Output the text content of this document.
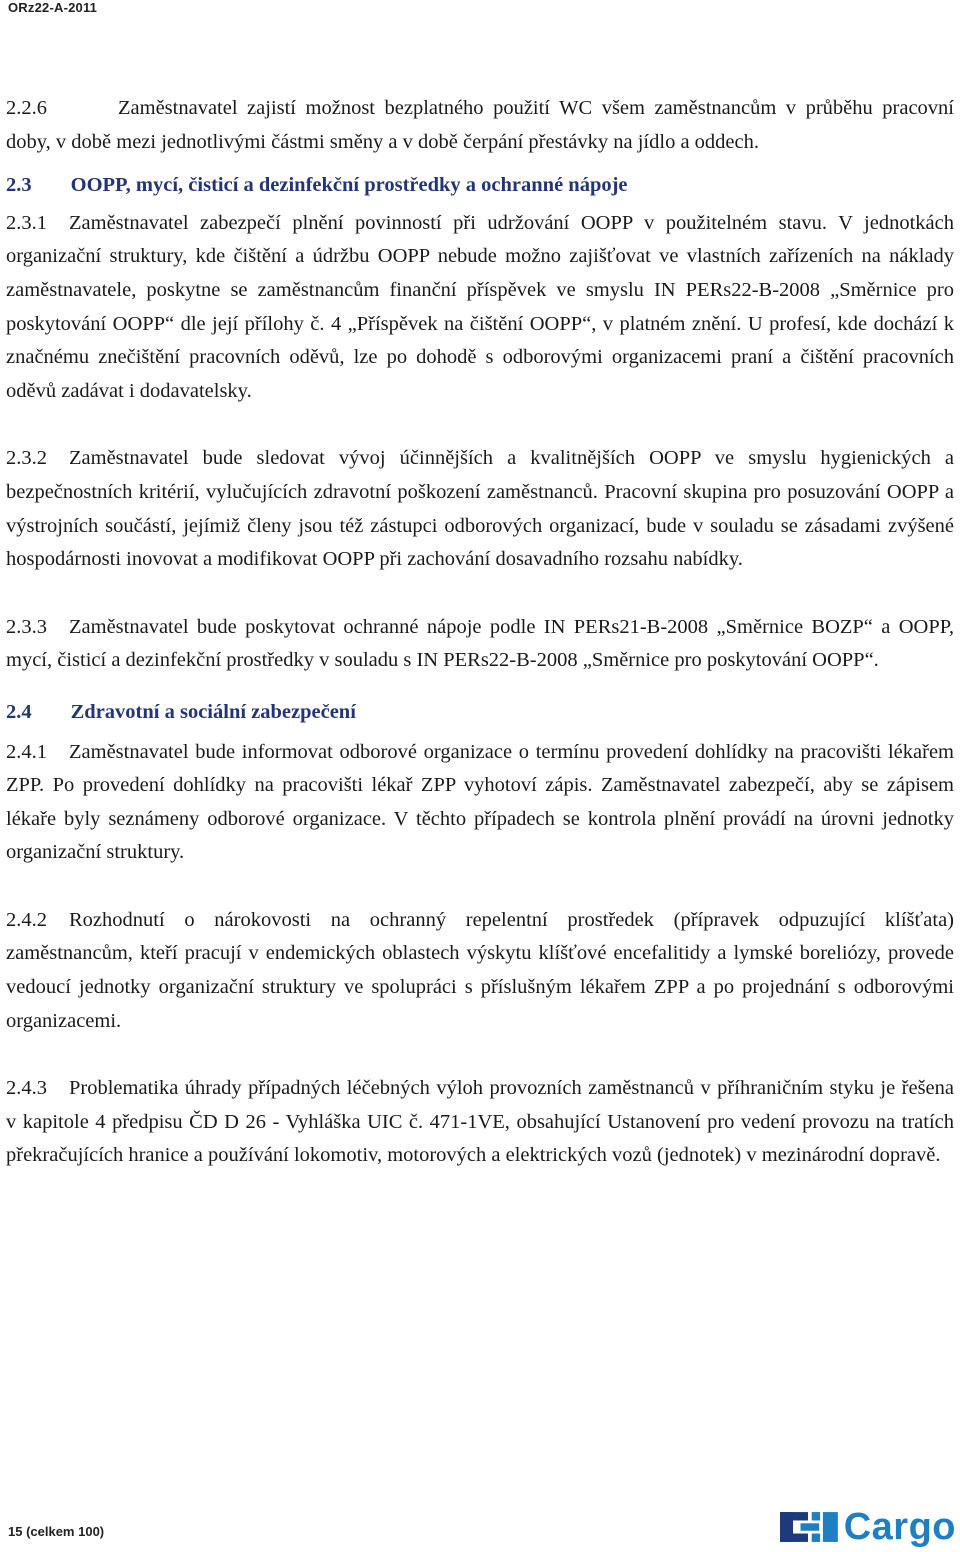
ORz22-A-2011

2.2.6	Zaměstnavatel zajistí možnost bezplatného použití WC všem zaměstnancům v průběhu pracovní doby, v době mezi jednotlivými částmi směny a v době čerpání přestávky na jídlo a oddech.

2.3 OOPP, mycí, čisticí a dezinfekční prostředky a ochranné nápoje

2.3.1 Zaměstnavatel zabezpečí plnění povinností při udržování OOPP v použitelném stavu. V jednotkách organizační struktury, kde čištění a údržbu OOPP nebude možno zajišťovat ve vlastních zařízeních na náklady zaměstnavatele, poskytne se zaměstnancům finanční příspěvek ve smyslu IN PERs22-B-2008 „Směrnice pro poskytování OOPP“ dle její přílohy č. 4 „Příspěvek na čištění OOPP“, v platném znění. U profesí, kde dochází k značnému znečištění pracovních oděvů, lze po dohodě s odborovými organizacemi praní a čištění pracovních oděvů zadávat i dodavatelsky.

2.3.2 Zaměstnavatel bude sledovat vývoj účinnějších a kvalitnějších OOPP ve smyslu hygienických a bezpečnostních kritérií, vylučujících zdravotní poškození zaměstnanců. Pracovní skupina pro posuzování OOPP a výstrojních součástí, jejímiž členy jsou též zástupci odborových organizací, bude v souladu se zásadami zvýšené hospodárnosti inovovat a modifikovat OOPP při zachování dosavadního rozsahu nabídky.

2.3.3 Zaměstnavatel bude poskytovat ochranné nápoje podle IN PERs21-B-2008 „Směrnice BOZP“ a OOPP, mycí, čisticí a dezinfekční prostředky v souladu s IN PERs22-B-2008 „Směrnice pro poskytování OOPP“.

2.4 Zdravotní a sociální zabezpečení

2.4.1 Zaměstnavatel bude informovat odborové organizace o termínu provedení dohlídky na pracovišti lékařem ZPP. Po provedení dohlídky na pracovišti lékař ZPP vyhotoví zápis. Zaměstnavatel zabezpečí, aby se zápisem lékaře byly seznámeny odborové organizace. V těchto případech se kontrola plnění provádí na úrovni jednotky organizační struktury.

2.4.2 Rozhodnutí o nárokovosti na ochranný repelentní prostředek (přípravek odpuzující klíšťata) zaměstnancům, kteří pracují v endemických oblastech výskytu klíšťové encefalitidy a lymské boreliózy, provede vedoucí jednotky organizační struktury ve spolupráci s příslušným lékařem ZPP a po projednání s odborovými organizacemi.

2.4.3 Problematika úhrady případných léčebných výloh provozních zaměstnanců v příhraničním styku je řešena v kapitole 4 předpisu ČD D 26 - Vyhláška UIC č. 471-1VE, obsahující Ustanovení pro vedení provozu na tratích překračujících hranice a používání lokomotiv, motorových a elektrických vozů (jednotek) v mezinárodní dopravě.

15 (celkem 100)	Cargo
